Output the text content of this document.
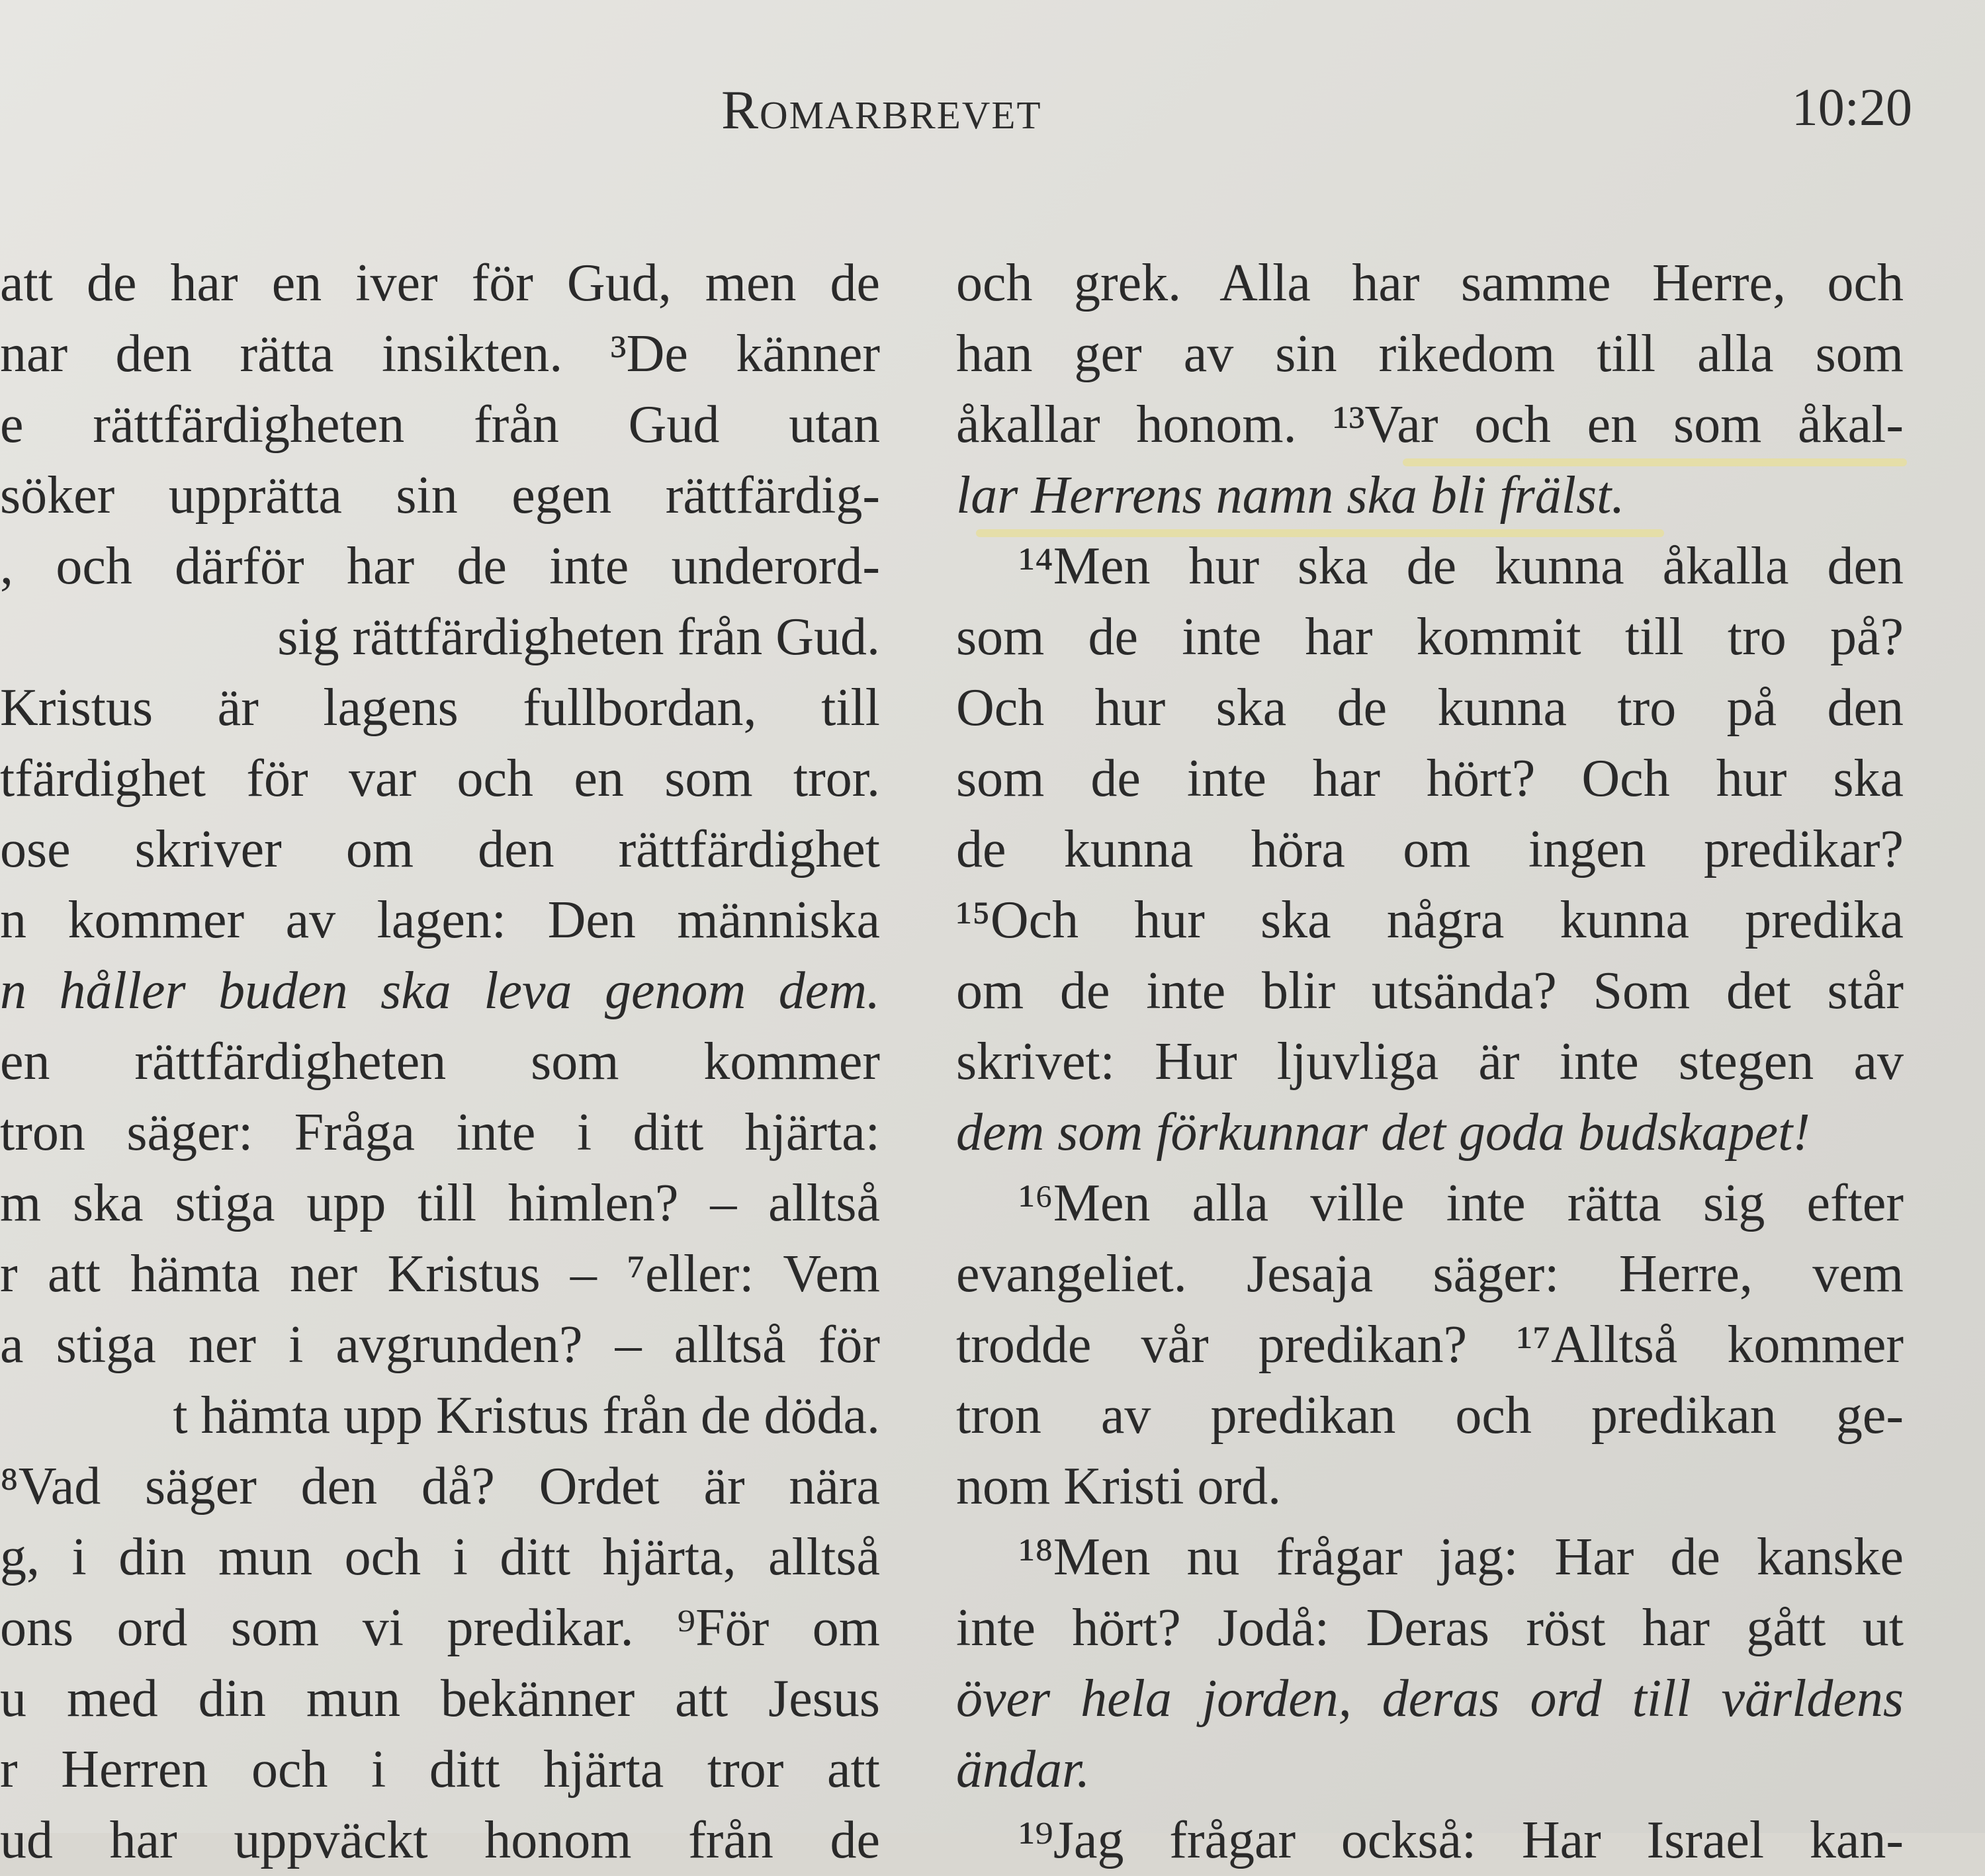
Romarbrevet	10:20
att de har en iver för Gud, men de
nar den rätta insikten. ³De känner
e rättfärdigheten från Gud utan
söker upprätta sin egen rättfärdig-
, och därför har de inte underord-
sig rättfärdigheten från Gud.
Kristus är lagens fullbordan, till
tfärdighet för var och en som tror.
ose skriver om den rättfärdighet
n kommer av lagen: Den människa
n håller buden ska leva genom dem.
en rättfärdigheten som kommer
tron säger: Fråga inte i ditt hjärta:
m ska stiga upp till himlen? – alltså
r att hämta ner Kristus – ⁷eller: Vem
a stiga ner i avgrunden? – alltså för
t hämta upp Kristus från de döda.
⁸Vad säger den då? Ordet är nära
g, i din mun och i ditt hjärta, alltså
ons ord som vi predikar. ⁹För om
u med din mun bekänner att Jesus
r Herren och i ditt hjärta tror att
ud har uppväckt honom från de
och grek. Alla har samme Herre, och
han ger av sin rikedom till alla som
åkallar honom. ¹³Var och en som åkal-
lar Herrens namn ska bli frälst.
¹⁴Men hur ska de kunna åkalla den
som de inte har kommit till tro på?
Och hur ska de kunna tro på den
som de inte har hört? Och hur ska
de kunna höra om ingen predikar?
¹⁵Och hur ska några kunna predika
om de inte blir utsända? Som det står
skrivet: Hur ljuvliga är inte stegen av
dem som förkunnar det goda budskapet!
¹⁶Men alla ville inte rätta sig efter
evangeliet. Jesaja säger: Herre, vem
trodde vår predikan? ¹⁷Alltså kommer
tron av predikan och predikan ge-
nom Kristi ord.
¹⁸Men nu frågar jag: Har de kanske
inte hört? Jodå: Deras röst har gått ut
över hela jorden, deras ord till världens
ändar.
¹⁹Jag frågar också: Har Israel kan-
